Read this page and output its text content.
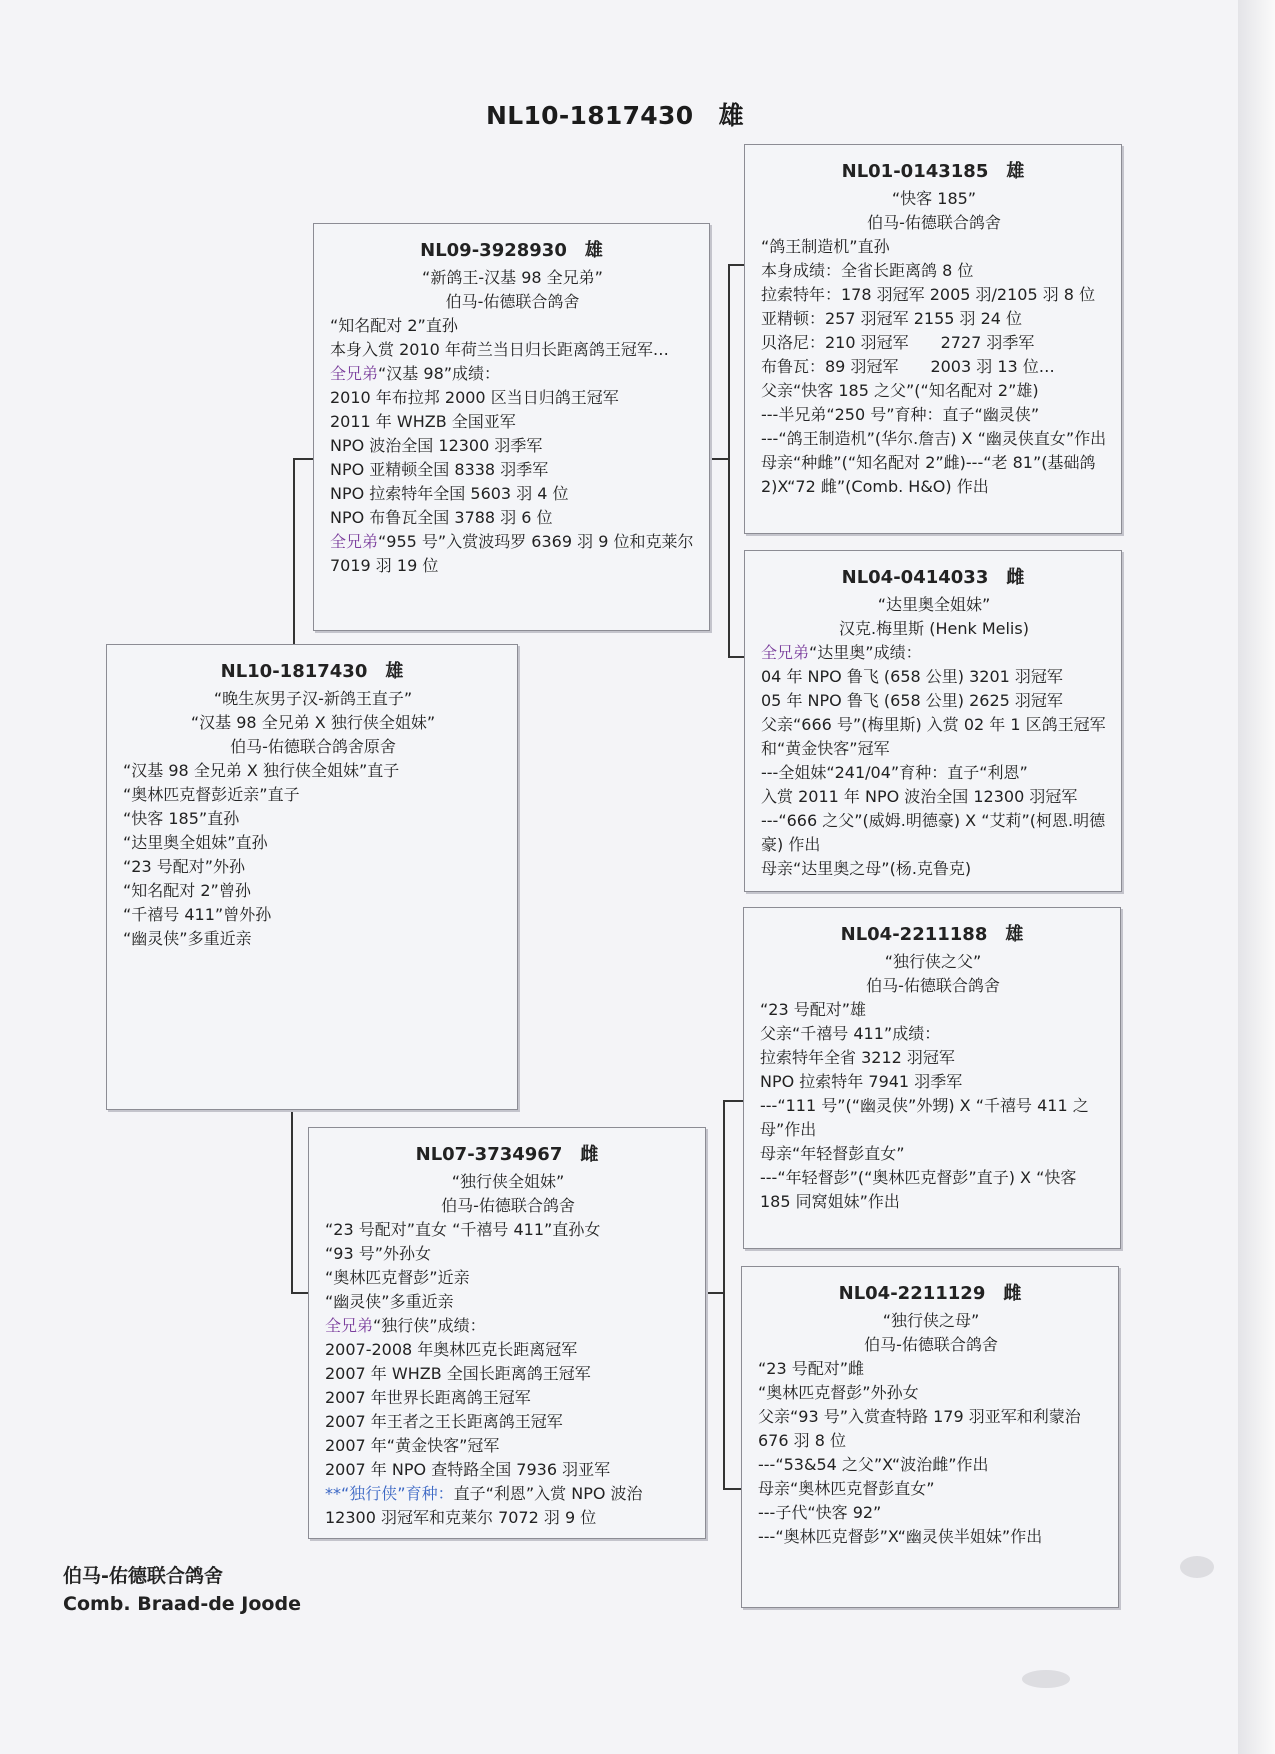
NL10-1817430　雄
NL09-3928930　雄
“新鸽王-汉基 98 全兄弟”
伯马-佑德联合鸽舍
“知名配对 2”直孙
本身入赏 2010 年荷兰当日归长距离鸽王冠军…
全兄弟“汉基 98”成绩：
2010 年布拉邦 2000 区当日归鸽王冠军
2011 年 WHZB 全国亚军
NPO 波治全国 12300 羽季军
NPO 亚精顿全国 8338 羽季军
NPO 拉索特年全国 5603 羽 4 位
NPO 布鲁瓦全国 3788 羽 6 位
全兄弟“955 号”入赏波玛罗 6369 羽 9 位和克莱尔 7019 羽 19 位
NL10-1817430　雄
“晚生灰男子汉-新鸽王直子”
“汉基 98 全兄弟 X 独行侠全姐妹”
伯马-佑德联合鸽舍原舍
“汉基 98 全兄弟 X 独行侠全姐妹”直子
“奥林匹克督彭近亲”直子
“快客 185”直孙
“达里奥全姐妹”直孙
“23 号配对”外孙
“知名配对 2”曾孙
“千禧号 411”曾外孙
“幽灵侠”多重近亲
NL07-3734967　雌
“独行侠全姐妹”
伯马-佑德联合鸽舍
“23 号配对”直女 “千禧号 411”直孙女
“93 号”外孙女
“奥林匹克督彭”近亲
“幽灵侠”多重近亲
全兄弟“独行侠”成绩：
2007-2008 年奥林匹克长距离冠军
2007 年 WHZB 全国长距离鸽王冠军
2007 年世界长距离鸽王冠军
2007 年王者之王长距离鸽王冠军
2007 年“黄金快客”冠军
2007 年 NPO 查特路全国 7936 羽亚军
**“独行侠”育种：直子“利恩”入赏 NPO 波治 12300 羽冠军和克莱尔 7072 羽 9 位
NL01-0143185　雄
“快客 185”
伯马-佑德联合鸽舍
“鸽王制造机”直孙
本身成绩：全省长距离鸽 8 位
拉索特年：178 羽冠军 2005 羽/2105 羽 8 位　亚精顿：257 羽冠军 2155 羽 24 位
贝洛尼：210 羽冠军　　2727 羽季军
布鲁瓦：89 羽冠军　　2003 羽 13 位…
父亲“快客 185 之父”(“知名配对 2”雄)
---半兄弟“250 号”育种：直子“幽灵侠”
---“鸽王制造机”(华尔.詹吉) X “幽灵侠直女”作出　母亲“种雌”(“知名配对 2”雌)---“老 81”(基础鸽 2)X“72 雌”(Comb. H&O) 作出
NL04-0414033　雌
“达里奥全姐妹”
汉克.梅里斯 (Henk Melis)
全兄弟“达里奥”成绩：
04 年 NPO 鲁飞 (658 公里) 3201 羽冠军
05 年 NPO 鲁飞 (658 公里) 2625 羽冠军
父亲“666 号”(梅里斯) 入赏 02 年 1 区鸽王冠军和“黄金快客”冠军
---全姐妹“241/04”育种：直子“利恩”
入赏 2011 年 NPO 波治全国 12300 羽冠军
---“666 之父”(威姆.明德豪) X “艾莉”(柯恩.明德豪) 作出
母亲“达里奥之母”(杨.克鲁克)
NL04-2211188　雄
“独行侠之父”
伯马-佑德联合鸽舍
“23 号配对”雄
父亲“千禧号 411”成绩：
拉索特年全省 3212 羽冠军
NPO 拉索特年 7941 羽季军
---“111 号”(“幽灵侠”外甥) X “千禧号 411 之母”作出
母亲“年轻督彭直女”
---“年轻督彭”(“奥林匹克督彭”直子) X “快客 185 同窝姐妹”作出
NL04-2211129　雌
“独行侠之母”
伯马-佑德联合鸽舍
“23 号配对”雌
“奥林匹克督彭”外孙女
父亲“93 号”入赏查特路 179 羽亚军和利蒙治 676 羽 8 位
---“53&54 之父”X“波治雌”作出
母亲“奥林匹克督彭直女”
---子代“快客 92”
---“奥林匹克督彭”X“幽灵侠半姐妹”作出
伯马-佑德联合鸽舍
Comb. Braad-de Joode
